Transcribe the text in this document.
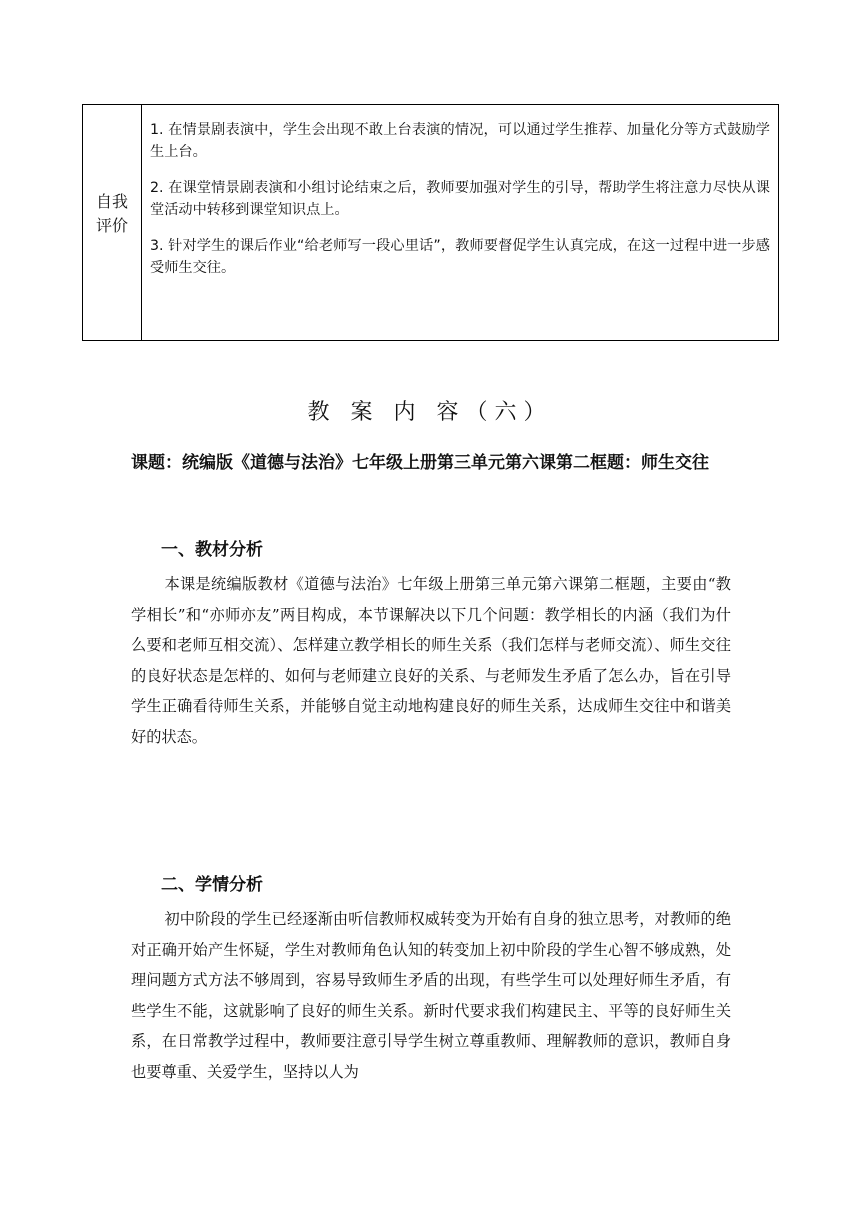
自我评价

1. 在情景剧表演中，学生会出现不敢上台表演的情况，可以通过学生推荐、加量化分等方式鼓励学生上台。

2. 在课堂情景剧表演和小组讨论结束之后，教师要加强对学生的引导，帮助学生将注意力尽快从课堂活动中转移到课堂知识点上。

3. 针对学生的课后作业“给老师写一段心里话”，教师要督促学生认真完成，在这一过程中进一步感受师生交往。

教 案 内 容（六）
课题：统编版《道德与法治》七年级上册第三单元第六课第二框题：师生交往
一、教材分析
本课是统编版教材《道德与法治》七年级上册第三单元第六课第二框题，主要由“教学相长”和“亦师亦友”两目构成，本节课解决以下几个问题：教学相长的内涵（我们为什么要和老师互相交流）、怎样建立教学相长的师生关系（我们怎样与老师交流）、师生交往的良好状态是怎样的、如何与老师建立良好的关系、与老师发生矛盾了怎么办，旨在引导学生正确看待师生关系，并能够自觉主动地构建良好的师生关系，达成师生交往中和谐美好的状态。
二、学情分析
初中阶段的学生已经逐渐由听信教师权威转变为开始有自身的独立思考，对教师的绝对正确开始产生怀疑，学生对教师角色认知的转变加上初中阶段的学生心智不够成熟，处理问题方式方法不够周到，容易导致师生矛盾的出现，有些学生可以处理好师生矛盾，有些学生不能，这就影响了良好的师生关系。新时代要求我们构建民主、平等的良好师生关系，在日常教学过程中，教师要注意引导学生树立尊重教师、理解教师的意识，教师自身也要尊重、关爱学生，坚持以人为
